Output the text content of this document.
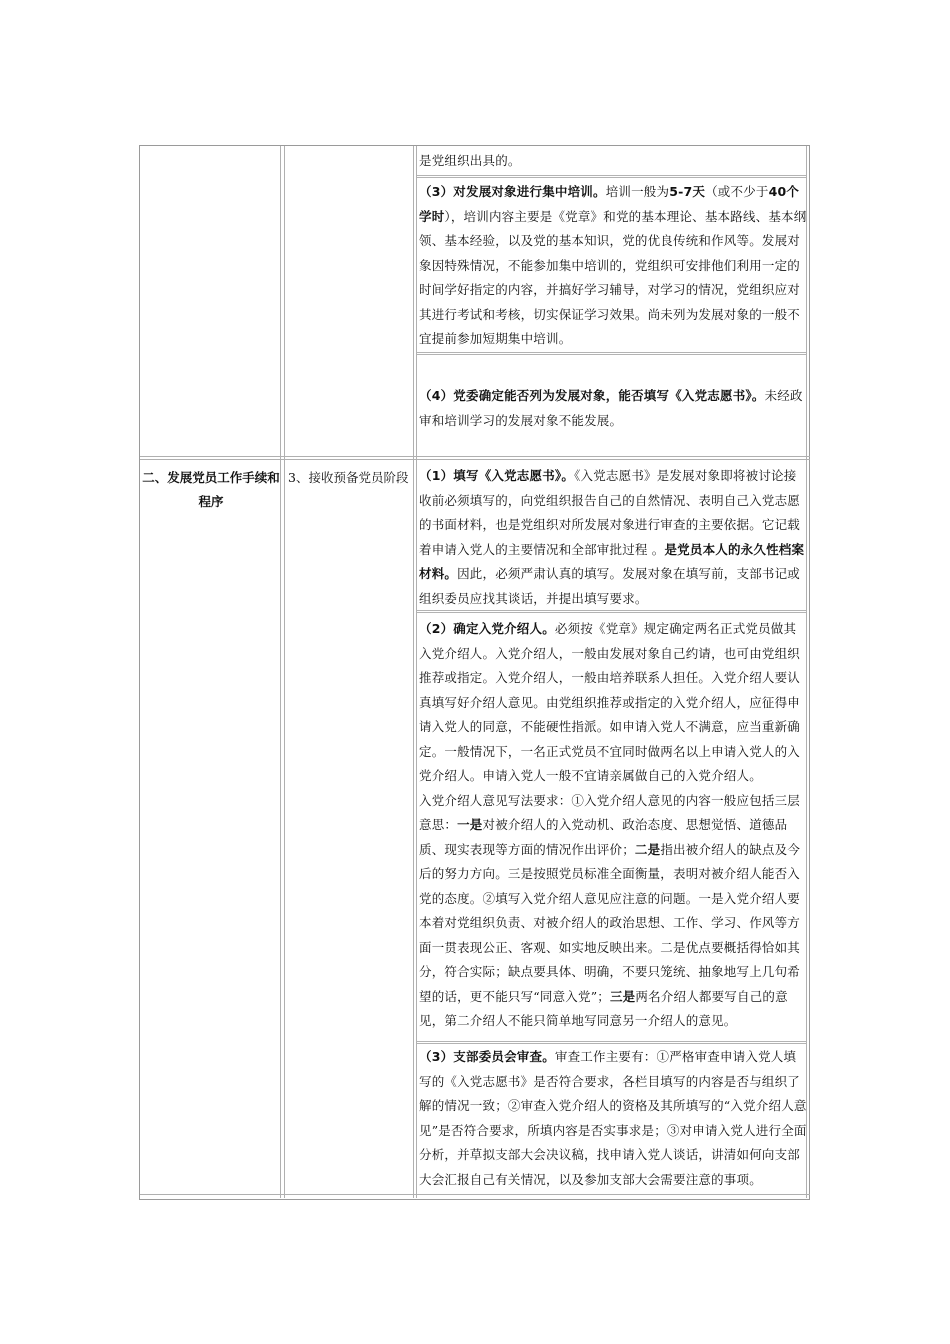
是党组织出具的。

（3）对发展对象进行集中培训。培训一般为5-7天（或不少于40个学时），培训内容主要是《党章》和党的基本理论、基本路线、基本纲领、基本经验，以及党的基本知识，党的优良传统和作风等。发展对象因特殊情况，不能参加集中培训的，党组织可安排他们利用一定的时间学好指定的内容，并搞好学习辅导，对学习的情况，党组织应对其进行考试和考核，切实保证学习效果。尚未列为发展对象的一般不宜提前参加短期集中培训。

（4）党委确定能否列为发展对象，能否填写《入党志愿书》。未经政审和培训学习的发展对象不能发展。

二、发展党员工作手续和程序
3、接收预备党员阶段 （1）填写《入党志愿书》。《入党志愿书》是发展对象即将被讨论接收前必须填写的，向党组织报告自己的自然情况、表明自己入党志愿的书面材料，也是党组织对所发展对象进行审查的主要依据。它记载着申请入党人的主要情况和全部审批过程 。是党员本人的永久性档案材料。因此，必须严肃认真的填写。发展对象在填写前，支部书记或组织委员应找其谈话，并提出填写要求。

（2）确定入党介绍人。必须按《党章》规定确定两名正式党员做其入党介绍人。入党介绍人，一般由发展对象自己约请，也可由党组织推荐或指定。入党介绍人，一般由培养联系人担任。入党介绍人要认真填写好介绍人意见。由党组织推荐或指定的入党介绍人，应征得申请入党人的同意，不能硬性指派。如申请入党人不满意，应当重新确定。一般情况下，一名正式党员不宜同时做两名以上申请入党人的入党介绍人。申请入党人一般不宜请亲属做自己的入党介绍人。

入党介绍人意见写法要求：①入党介绍人意见的内容一般应包括三层意思：一是对被介绍人的入党动机、政治态度、思想觉悟、道德品质、现实表现等方面的情况作出评价；二是指出被介绍人的缺点及今后的努力方向。三是按照党员标准全面衡量，表明对被介绍人能否入党的态度。②填写入党介绍人意见应注意的问题。一是入党介绍人要本着对党组织负责、对被介绍人的政治思想、工作、学习、作风等方面一贯表现公正、客观、如实地反映出来。二是优点要概括得恰如其分，符合实际；缺点要具体、明确，不要只笼统、抽象地写上几句希望的话，更不能只写“同意入党”；三是两名介绍人都要写自己的意见，第二介绍人不能只简单地写同意另一介绍人的意见。

（3）支部委员会审查。审查工作主要有：①严格审查申请入党人填写的《入党志愿书》是否符合要求，各栏目填写的内容是否与组织了解的情况一致；②审查入党介绍人的资格及其所填写的“入党介绍人意见”是否符合要求，所填内容是否实事求是；③对申请入党人进行全面分析，并草拟支部大会决议稿，找申请入党人谈话，讲清如何向支部大会汇报自己有关情况，以及参加支部大会需要注意的事项。
